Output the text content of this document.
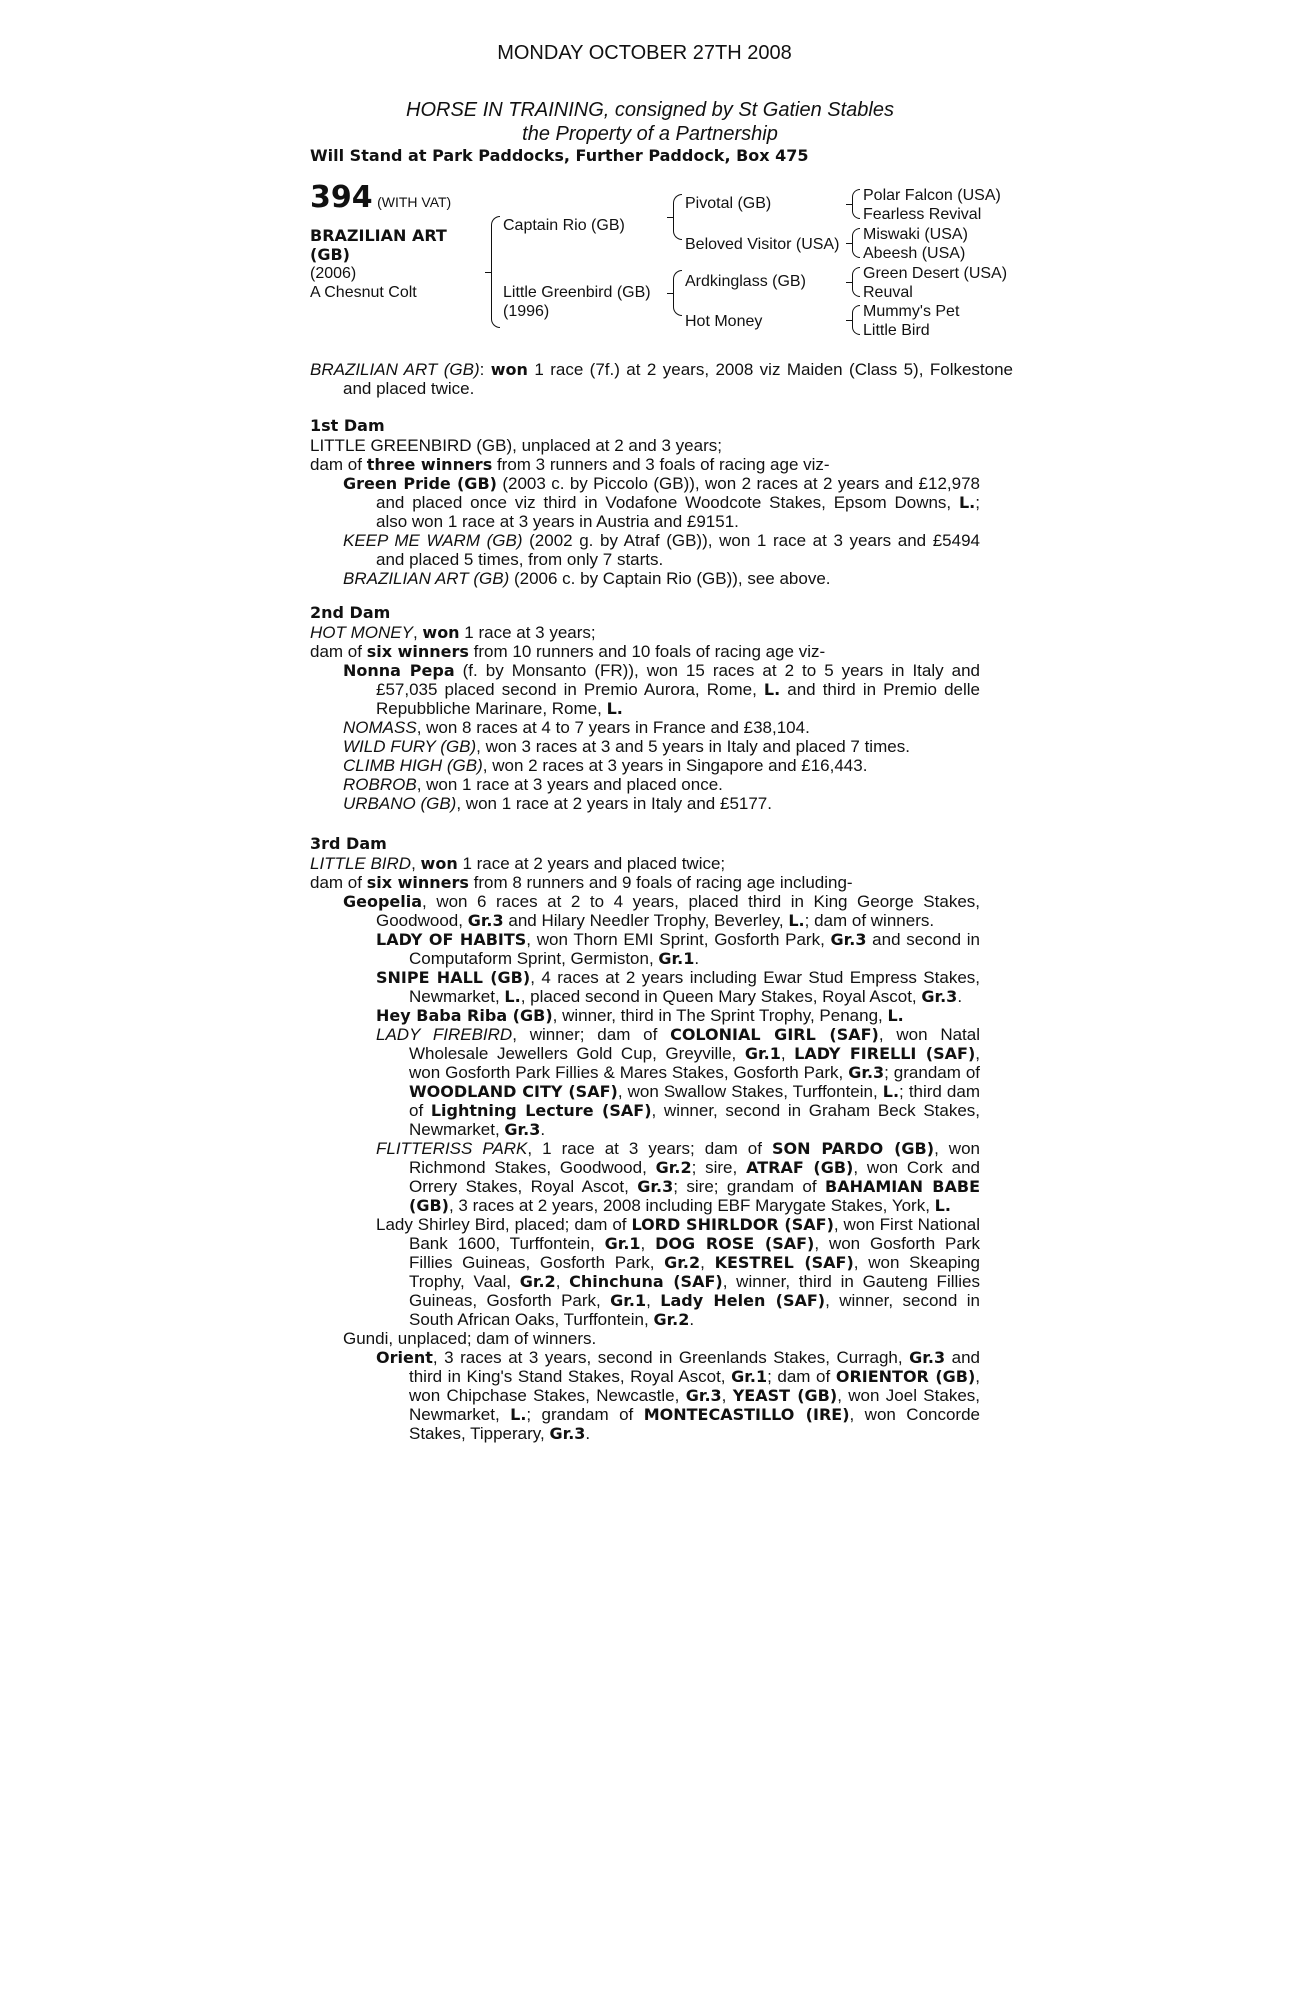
MONDAY OCTOBER 27TH 2008
HORSE IN TRAINING, consigned by St Gatien Stables
the Property of a Partnership
Will Stand at Park Paddocks, Further Paddock, Box 475
394 (WITH VAT)
BRAZILIAN ART
(GB)
(2006)
A Chesnut Colt
Captain Rio (GB)
Little Greenbird (GB)
(1996)
Pivotal (GB)
Beloved Visitor (USA)
Ardkinglass (GB)
Hot Money
Polar Falcon (USA)
Fearless Revival
Miswaki (USA)
Abeesh (USA)
Green Desert (USA)
Reuval
Mummy's Pet
Little Bird
BRAZILIAN ART (GB): won 1 race (7f.) at 2 years, 2008 viz Maiden (Class 5), Folkestone and placed twice.
1st Dam
LITTLE GREENBIRD (GB), unplaced at 2 and 3 years;
dam of three winners from 3 runners and 3 foals of racing age viz-
Green Pride (GB) (2003 c. by Piccolo (GB)), won 2 races at 2 years and £12,978 and placed once viz third in Vodafone Woodcote Stakes, Epsom Downs, L.; also won 1 race at 3 years in Austria and £9151.
KEEP ME WARM (GB) (2002 g. by Atraf (GB)), won 1 race at 3 years and £5494 and placed 5 times, from only 7 starts.
BRAZILIAN ART (GB) (2006 c. by Captain Rio (GB)), see above.
2nd Dam
HOT MONEY, won 1 race at 3 years;
dam of six winners from 10 runners and 10 foals of racing age viz-
Nonna Pepa (f. by Monsanto (FR)), won 15 races at 2 to 5 years in Italy and £57,035 placed second in Premio Aurora, Rome, L. and third in Premio delle Repubbliche Marinare, Rome, L.
NOMASS, won 8 races at 4 to 7 years in France and £38,104.
WILD FURY (GB), won 3 races at 3 and 5 years in Italy and placed 7 times.
CLIMB HIGH (GB), won 2 races at 3 years in Singapore and £16,443.
ROBROB, won 1 race at 3 years and placed once.
URBANO (GB), won 1 race at 2 years in Italy and £5177.
3rd Dam
LITTLE BIRD, won 1 race at 2 years and placed twice;
dam of six winners from 8 runners and 9 foals of racing age including-
Geopelia, won 6 races at 2 to 4 years, placed third in King George Stakes, Goodwood, Gr.3 and Hilary Needler Trophy, Beverley, L.; dam of winners.
LADY OF HABITS, won Thorn EMI Sprint, Gosforth Park, Gr.3 and second in Computaform Sprint, Germiston, Gr.1.
SNIPE HALL (GB), 4 races at 2 years including Ewar Stud Empress Stakes, Newmarket, L., placed second in Queen Mary Stakes, Royal Ascot, Gr.3.
Hey Baba Riba (GB), winner, third in The Sprint Trophy, Penang, L.
LADY FIREBIRD, winner; dam of COLONIAL GIRL (SAF), won Natal Wholesale Jewellers Gold Cup, Greyville, Gr.1, LADY FIRELLI (SAF), won Gosforth Park Fillies & Mares Stakes, Gosforth Park, Gr.3; grandam of WOODLAND CITY (SAF), won Swallow Stakes, Turffontein, L.; third dam of Lightning Lecture (SAF), winner, second in Graham Beck Stakes, Newmarket, Gr.3.
FLITTERISS PARK, 1 race at 3 years; dam of SON PARDO (GB), won Richmond Stakes, Goodwood, Gr.2; sire, ATRAF (GB), won Cork and Orrery Stakes, Royal Ascot, Gr.3; sire; grandam of BAHAMIAN BABE (GB), 3 races at 2 years, 2008 including EBF Marygate Stakes, York, L.
Lady Shirley Bird, placed; dam of LORD SHIRLDOR (SAF), won First National Bank 1600, Turffontein, Gr.1, DOG ROSE (SAF), won Gosforth Park Fillies Guineas, Gosforth Park, Gr.2, KESTREL (SAF), won Skeaping Trophy, Vaal, Gr.2, Chinchuna (SAF), winner, third in Gauteng Fillies Guineas, Gosforth Park, Gr.1, Lady Helen (SAF), winner, second in South African Oaks, Turffontein, Gr.2.
Gundi, unplaced; dam of winners.
Orient, 3 races at 3 years, second in Greenlands Stakes, Curragh, Gr.3 and third in King's Stand Stakes, Royal Ascot, Gr.1; dam of ORIENTOR (GB), won Chipchase Stakes, Newcastle, Gr.3, YEAST (GB), won Joel Stakes, Newmarket, L.; grandam of MONTECASTILLO (IRE), won Concorde Stakes, Tipperary, Gr.3.
